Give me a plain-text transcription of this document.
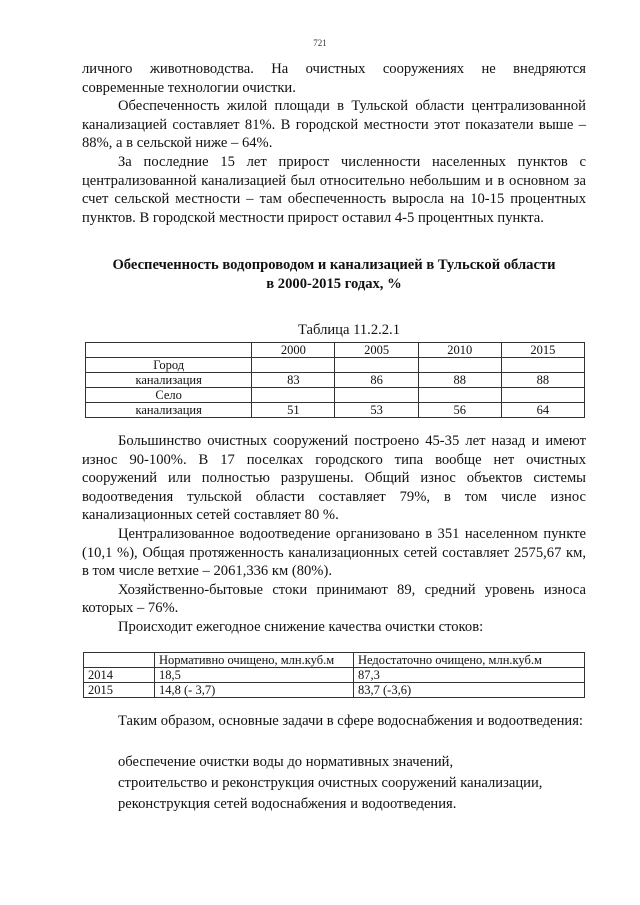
721

личного животноводства. На очистных сооружениях не внедряются современные технологии очистки.

Обеспеченность жилой площади в Тульской области централизованной канализацией составляет 81%. В городской местности этот показатели выше – 88%, а в сельской ниже – 64%.

За последние 15 лет прирост численности населенных пунктов с централизованной канализацией был относительно небольшим и в основном за счет сельской местности – там обеспеченность выросла на 10-15 процентных пунктов. В городской местности прирост оставил 4-5 процентных пункта.

Обеспеченность водопроводом и канализацией в Тульской области
в 2000-2015 годах, %
Таблица 11.2.2.1
	2000	2005	2010	2015
Город				
канализация	83	86	88	88
Село				
канализация	51	53	56	64

Большинство очистных сооружений построено 45-35 лет назад и имеют износ 90-100%. В 17 поселках городского типа вообще нет очистных сооружений или полностью разрушены. Общий износ объектов системы водоотведения тульской области составляет 79%, в том числе износ канализационных сетей составляет 80 %.

Централизованное водоотведение организовано в 351 населенном пункте (10,1 %), Общая протяженность канализационных сетей составляет 2575,67 км, в том числе ветхие – 2061,336 км (80%).

Хозяйственно-бытовые стоки принимают 89, средний уровень износа которых – 76%.

Происходит ежегодное снижение качества очистки стоков:

	Нормативно очищено, млн.куб.м	Недостаточно очищено, млн.куб.м
2014	18,5	87,3
2015	14,8 (- 3,7)	83,7 (-3,6)

Таким образом, основные задачи в сфере водоснабжения и водоотведения:

обеспечение очистки воды до нормативных значений,
строительство и реконструкция очистных сооружений канализации,
реконструкция сетей водоснабжения и водоотведения.
